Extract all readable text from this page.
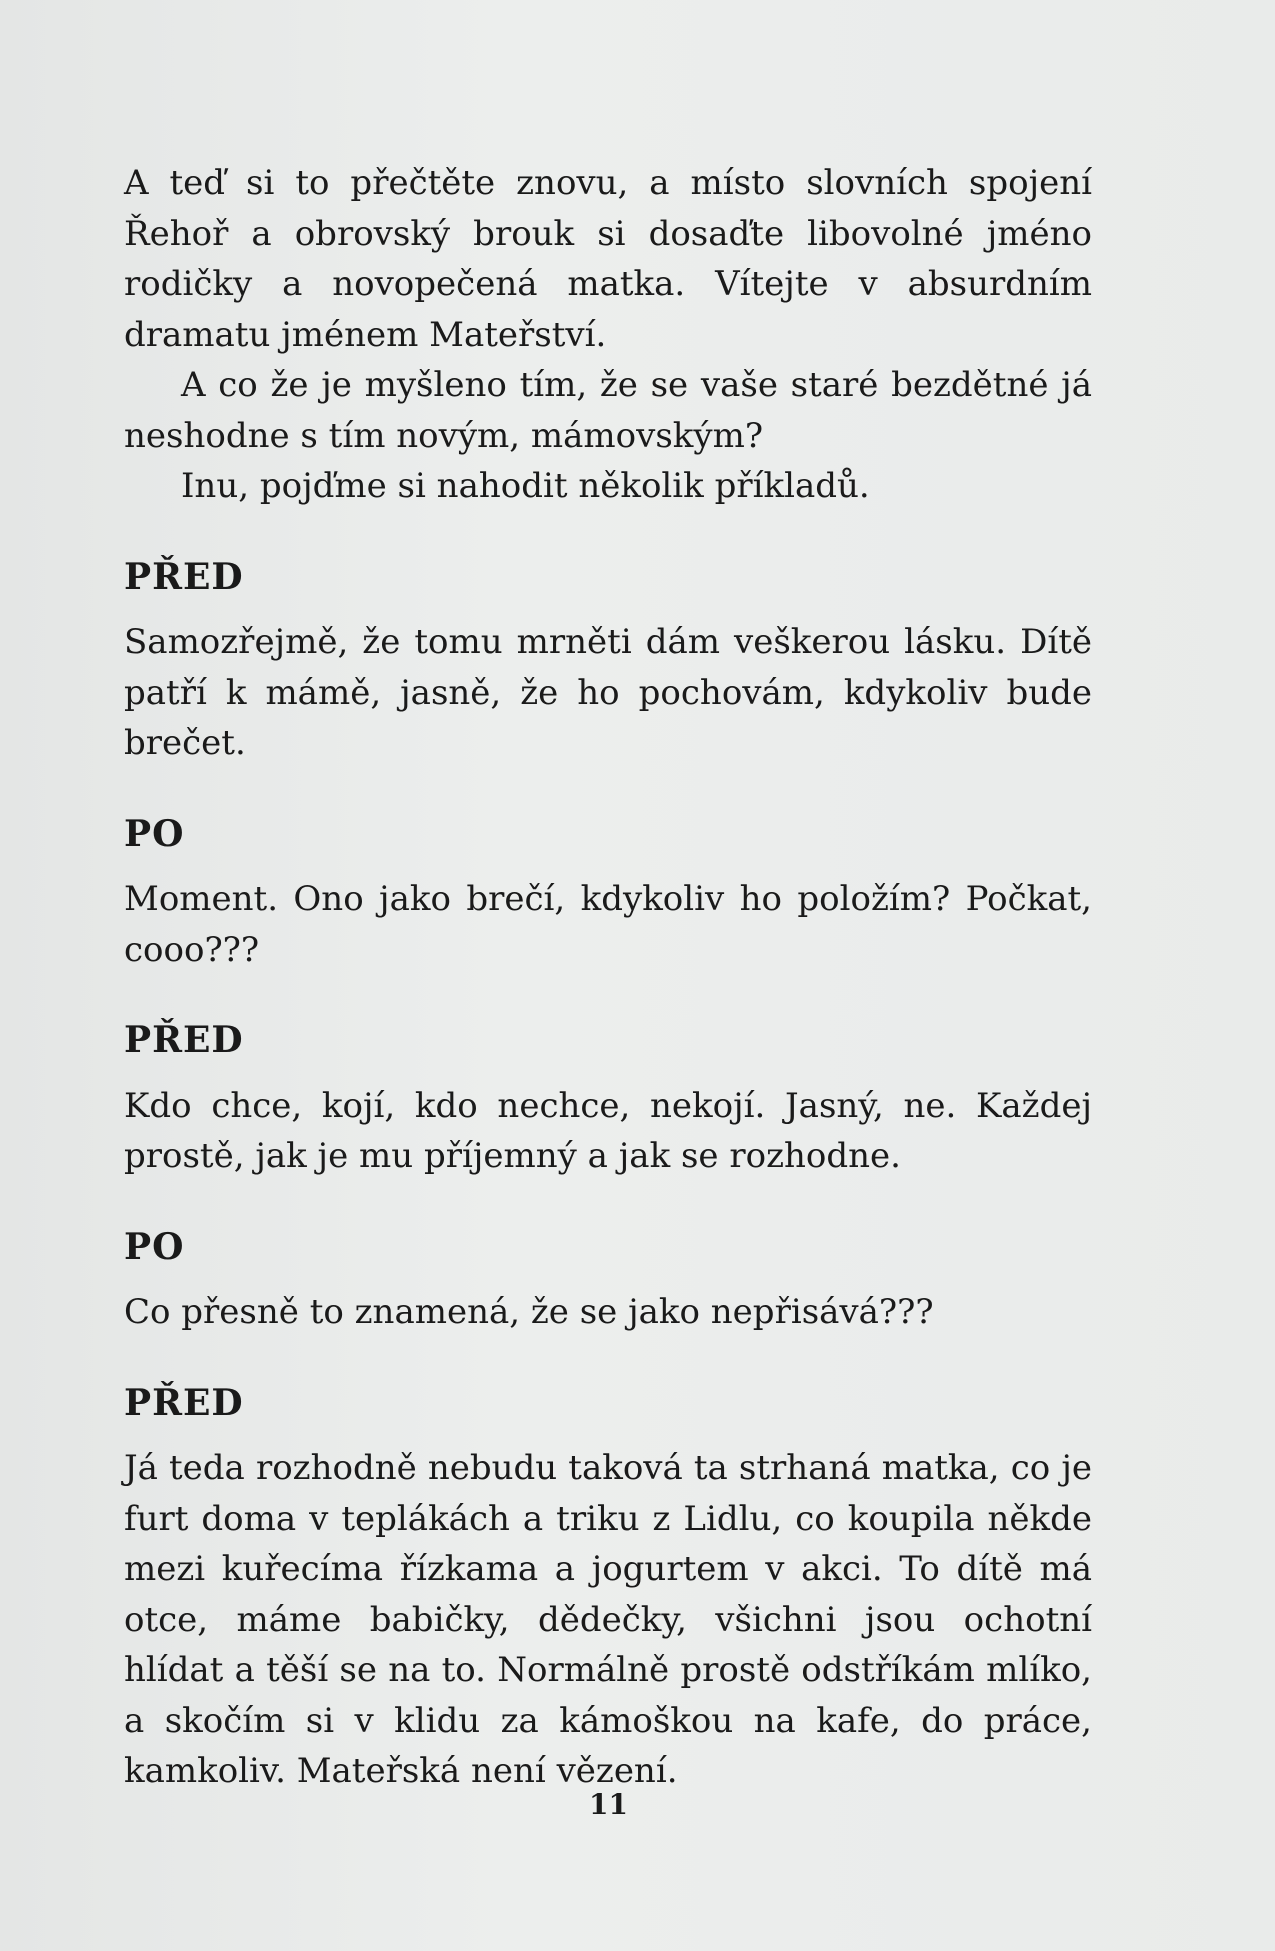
A teď si to přečtěte znovu, a místo slovních spojení Řehoř a obrovský brouk si dosaďte libovolné jméno rodičky a novopečená matka. Vítejte v absurdním dramatu jménem Mateřství.

A co že je myšleno tím, že se vaše staré bezdětné já neshodne s tím novým, mámovským?

Inu, pojďme si nahodit několik příkladů.

PŘED

Samozřejmě, že tomu mrněti dám veškerou lásku. Dítě patří k mámě, jasně, že ho pochovám, kdykoliv bude brečet.

PO

Moment. Ono jako brečí, kdykoliv ho položím? Počkat, cooo???

PŘED

Kdo chce, kojí, kdo nechce, nekojí. Jasný, ne. Každej prostě, jak je mu příjemný a jak se rozhodne.

PO

Co přesně to znamená, že se jako nepřisává???

PŘED

Já teda rozhodně nebudu taková ta strhaná matka, co je furt doma v teplákách a triku z Lidlu, co koupila někde mezi kuřecíma řízkama a jogurtem v akci. To dítě má otce, máme babičky, dědečky, všichni jsou ochotní hlídat a těší se na to. Normálně prostě odstříkám mlíko, a skočím si v klidu za kámoškou na kafe, do práce, kamkoliv. Mateřská není vězení.

11
